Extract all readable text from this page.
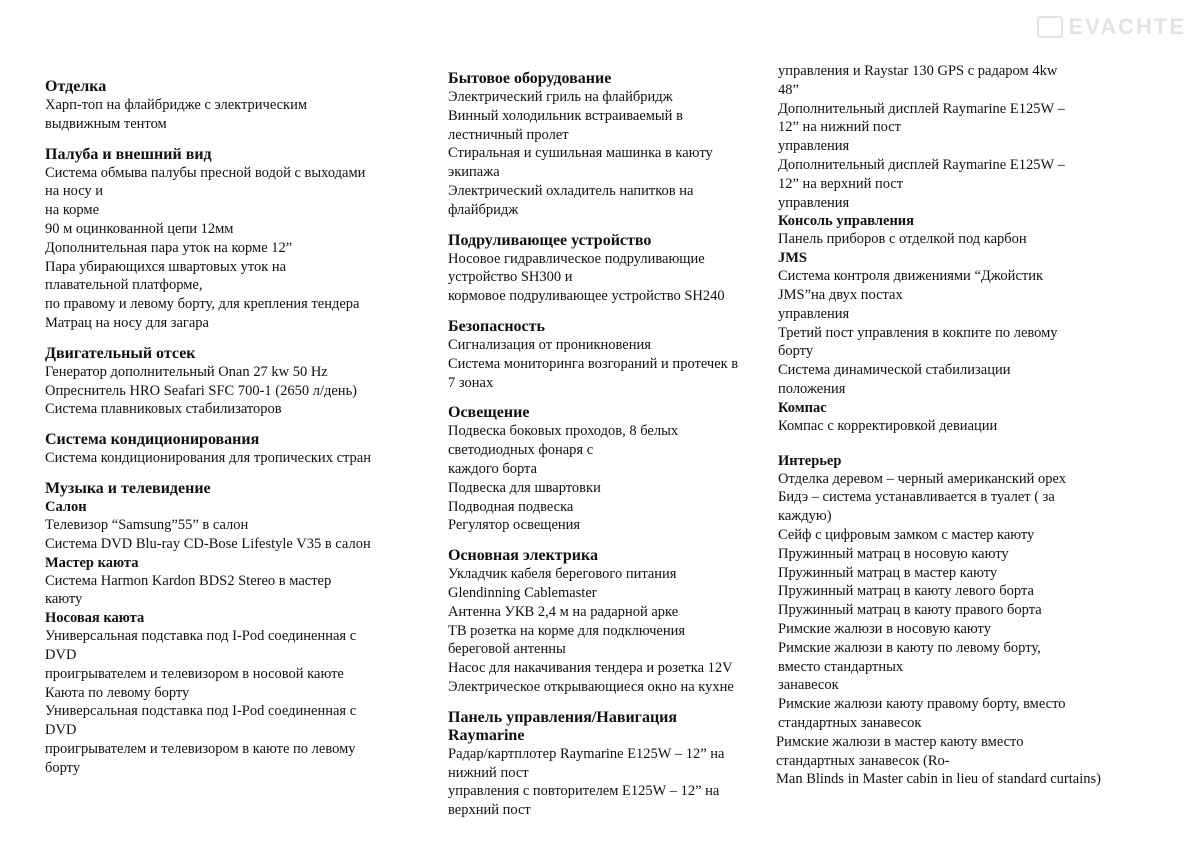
EVACHTE
Отделка

Харп-топ на флайбридже с электрическим
выдвижным тентом

Палуба и внешний вид

Система обмыва палубы пресной водой с выходами
на носу и
на корме
90 м оцинкованной цепи 12мм
Дополнительная пара уток на корме 12”
Пара убирающихся швартовых уток на
плавательной платформе,
по правому и левому борту, для крепления тендера
Матрац на носу для загара

Двигательный отсек

Генератор дополнительный Onan 27 kw 50 Hz
Опреснитель HRO Seafari SFC 700-1 (2650 л/день)
Система плавниковых стабилизаторов

Система кондиционирования

Система кондиционирования для тропических стран

Музыка и телевидение
Салон

Телевизор “Samsung”55” в салон
Система DVD Blu-ray CD-Bose Lifestyle V35 в салон

Мастер каюта

Система Harmon Kardon BDS2 Stereo в мастер
каюту

Носовая каюта

Универсальная подставка под I-Pod соединенная с
DVD
проигрывателем и телевизором в носовой каюте
Каюта по левому борту
Универсальная подставка под I-Pod соединенная с
DVD
проигрывателем и телевизором в каюте по левому
борту

Бытовое оборудование

Электрический гриль на флайбридж
Винный холодильник встраиваемый в
лестничный пролет
Стиральная и сушильная машинка в каюту
экипажа
Электрический охладитель напитков на
флайбридж

Подруливающее устройство

Носовое гидравлическое подруливающие
устройство SH300 и
кормовое подруливающее устройство SH240

Безопасность

Сигнализация от проникновения
Система мониторинга возгораний и протечек в
7 зонах

Освещение

Подвеска боковых проходов, 8 белых
светодиодных фонаря с
каждого борта
Подвеска для швартовки
Подводная подвеска
Регулятор освещения

Основная электрика

Укладчик кабеля берегового питания
Glendinning Cablemaster
Антенна УКВ 2,4 м на радарной арке
ТВ розетка на корме для подключения
береговой антенны
Насос для накачивания тендера и розетка 12V
Электрическое открывающиеся окно на кухне

Панель управления/Навигация
Raymarine

Радар/картплотер Raymarine E125W – 12” на
нижний пост
управления с повторителем E125W – 12” на
верхний пост

управления и Raystar 130 GPS с радаром 4kw
48”
Дополнительный дисплей Raymarine E125W –
12” на нижний пост
управления
Дополнительный дисплей Raymarine E125W –
12” на верхний пост
управления

Консоль управления

Панель приборов с отделкой под карбон

JMS

Система контроля движениями “Джойстик
JMS”на двух постах
управления
Третий пост управления в кокпите по левому
борту
Система динамической стабилизации
положения

Компас

Компас с корректировкой девиации

Интерьер

Отделка деревом – черный американский орех
Бидэ – система устанавливается в туалет ( за
каждую)
Сейф с цифровым замком с мастер каюту
Пружинный матрац в носовую каюту
Пружинный матрац в мастер каюту
Пружинный матрац в каюту левого борта
Пружинный матрац в каюту правого борта
Римские жалюзи в носовую каюту
Римские жалюзи в каюту по левому борту,
вместо стандартных
занавесок
Римские жалюзи каюту правому борту, вместо
стандартных занавесок

Римские жалюзи в мастер каюту вместо
стандартных занавесок (Ro-
Man Blinds in Master cabin in lieu of standard curtains)
